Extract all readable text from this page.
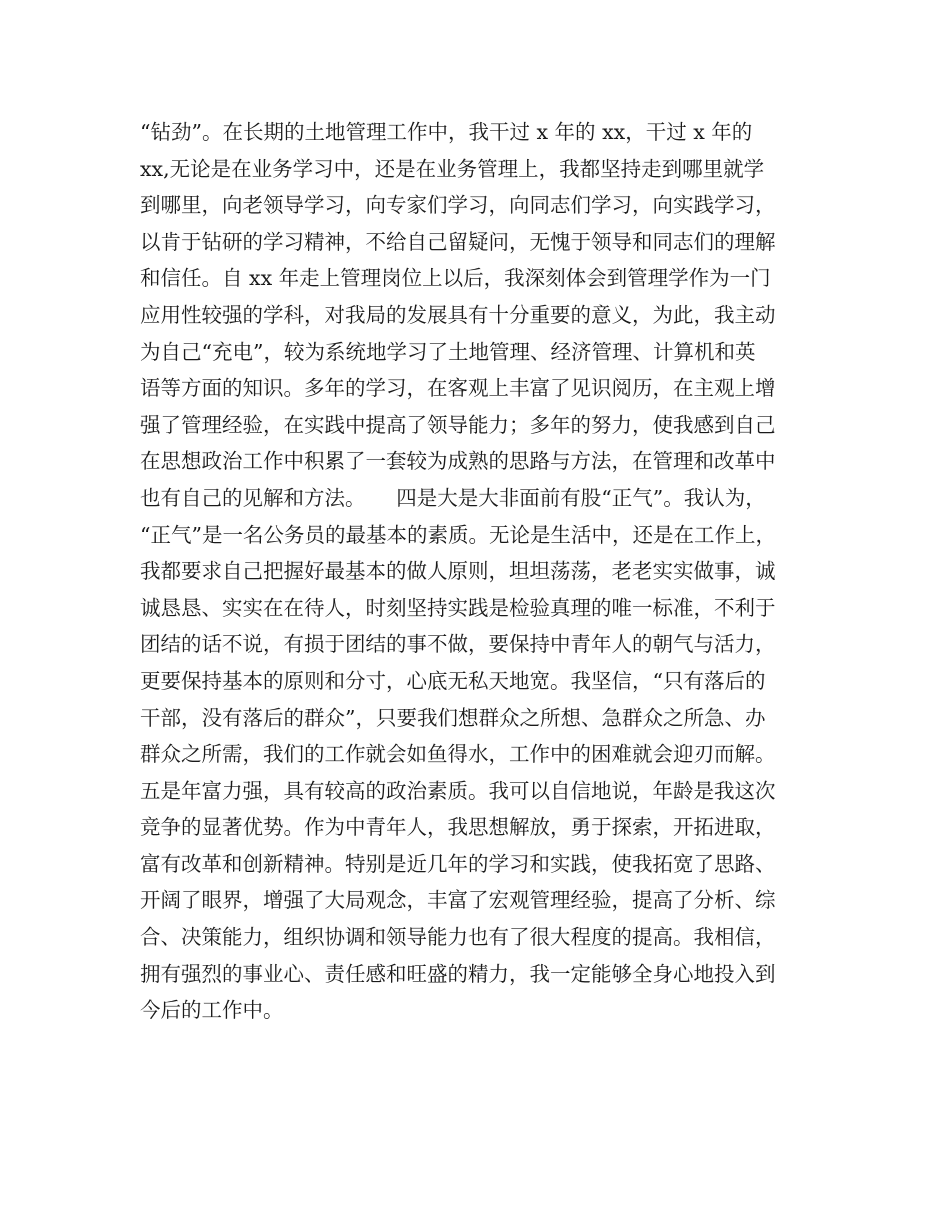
“钻劲”。在长期的土地管理工作中，我干过 x 年的 xx，干过 x 年的
xx,无论是在业务学习中，还是在业务管理上，我都坚持走到哪里就学
到哪里，向老领导学习，向专家们学习，向同志们学习，向实践学习，
以肯于钻研的学习精神，不给自己留疑问，无愧于领导和同志们的理解
和信任。自 xx 年走上管理岗位上以后，我深刻体会到管理学作为一门
应用性较强的学科，对我局的发展具有十分重要的意义，为此，我主动
为自己“充电”，较为系统地学习了土地管理、经济管理、计算机和英
语等方面的知识。多年的学习，在客观上丰富了见识阅历，在主观上增
强了管理经验，在实践中提高了领导能力；多年的努力，使我感到自己
在思想政治工作中积累了一套较为成熟的思路与方法，在管理和改革中
也有自己的见解和方法。　　四是大是大非面前有股“正气”。我认为，
“正气”是一名公务员的最基本的素质。无论是生活中，还是在工作上，
我都要求自己把握好最基本的做人原则，坦坦荡荡，老老实实做事，诚
诚恳恳、实实在在待人，时刻坚持实践是检验真理的唯一标准，不利于
团结的话不说，有损于团结的事不做，要保持中青年人的朝气与活力，
更要保持基本的原则和分寸，心底无私天地宽。我坚信，“只有落后的
干部，没有落后的群众”，只要我们想群众之所想、急群众之所急、办
群众之所需，我们的工作就会如鱼得水，工作中的困难就会迎刃而解。
五是年富力强，具有较高的政治素质。我可以自信地说，年龄是我这次
竞争的显著优势。作为中青年人，我思想解放，勇于探索，开拓进取，
富有改革和创新精神。特别是近几年的学习和实践，使我拓宽了思路、
开阔了眼界，增强了大局观念，丰富了宏观管理经验，提高了分析、综
合、决策能力，组织协调和领导能力也有了很大程度的提高。我相信，
拥有强烈的事业心、责任感和旺盛的精力，我一定能够全身心地投入到
今后的工作中。
